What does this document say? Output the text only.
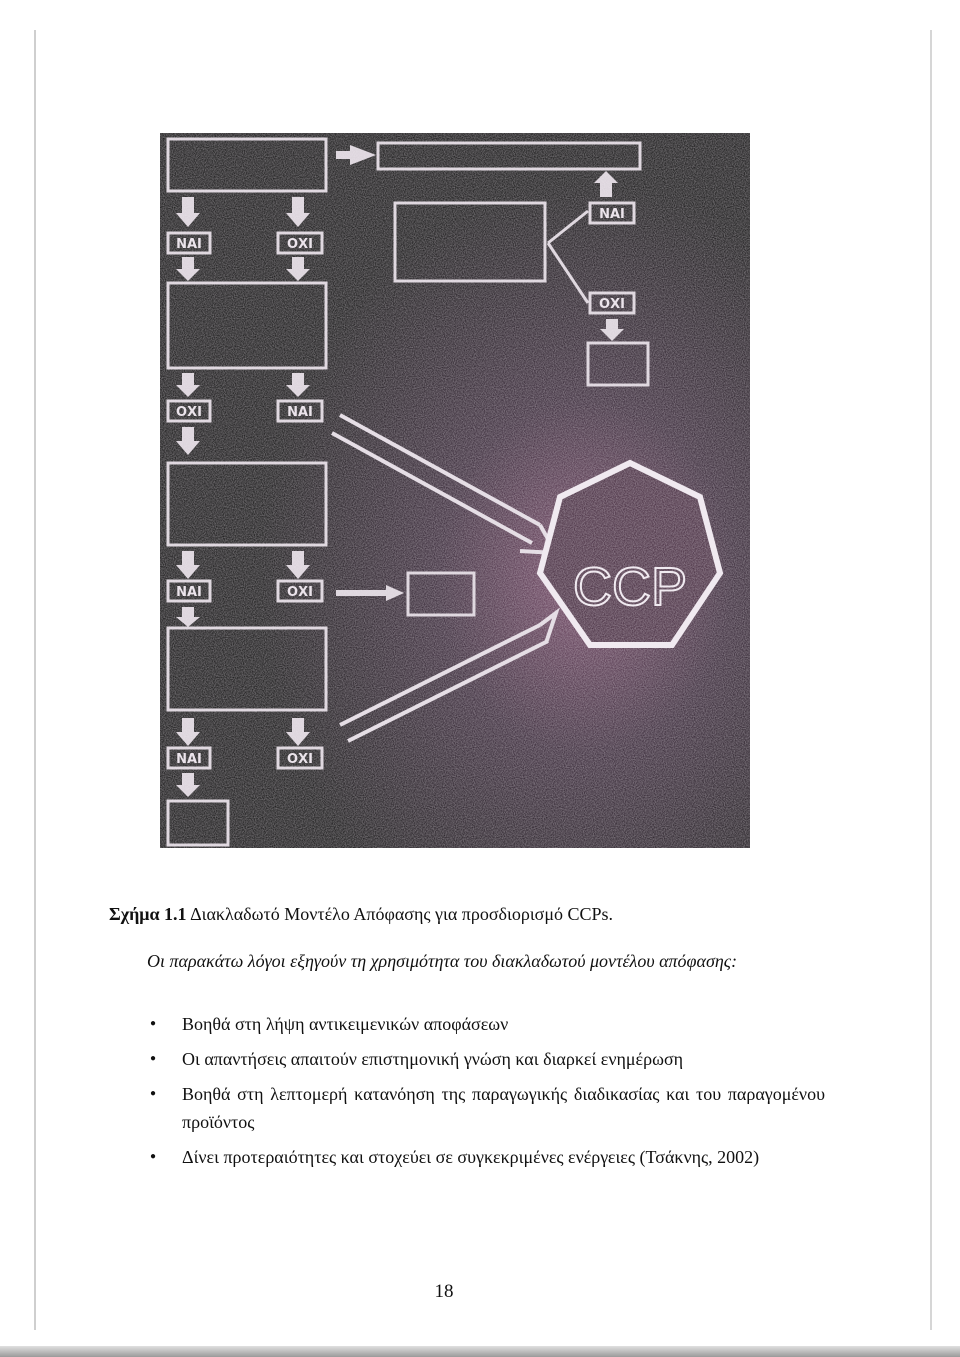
Σχήμα 1.1 Διακλαδωτό Μοντέλο Απόφασης για προσδιορισμό CCPs.

Οι παρακάτω λόγοι εξηγούν τη χρησιμότητα του διακλαδωτού μοντέλου απόφασης:

● Βοηθά στη λήψη αντικειμενικών αποφάσεων
● Οι απαντήσεις απαιτούν επιστημονική γνώση και διαρκεί ενημέρωση
● Βοηθά στη λεπτομερή κατανόηση της παραγωγικής διαδικασίας και του παραγομένου προϊόντος
● Δίνει προτεραιότητες και στοχεύει σε συγκεκριμένες ενέργειες (Τσάκνης, 2002)
18
